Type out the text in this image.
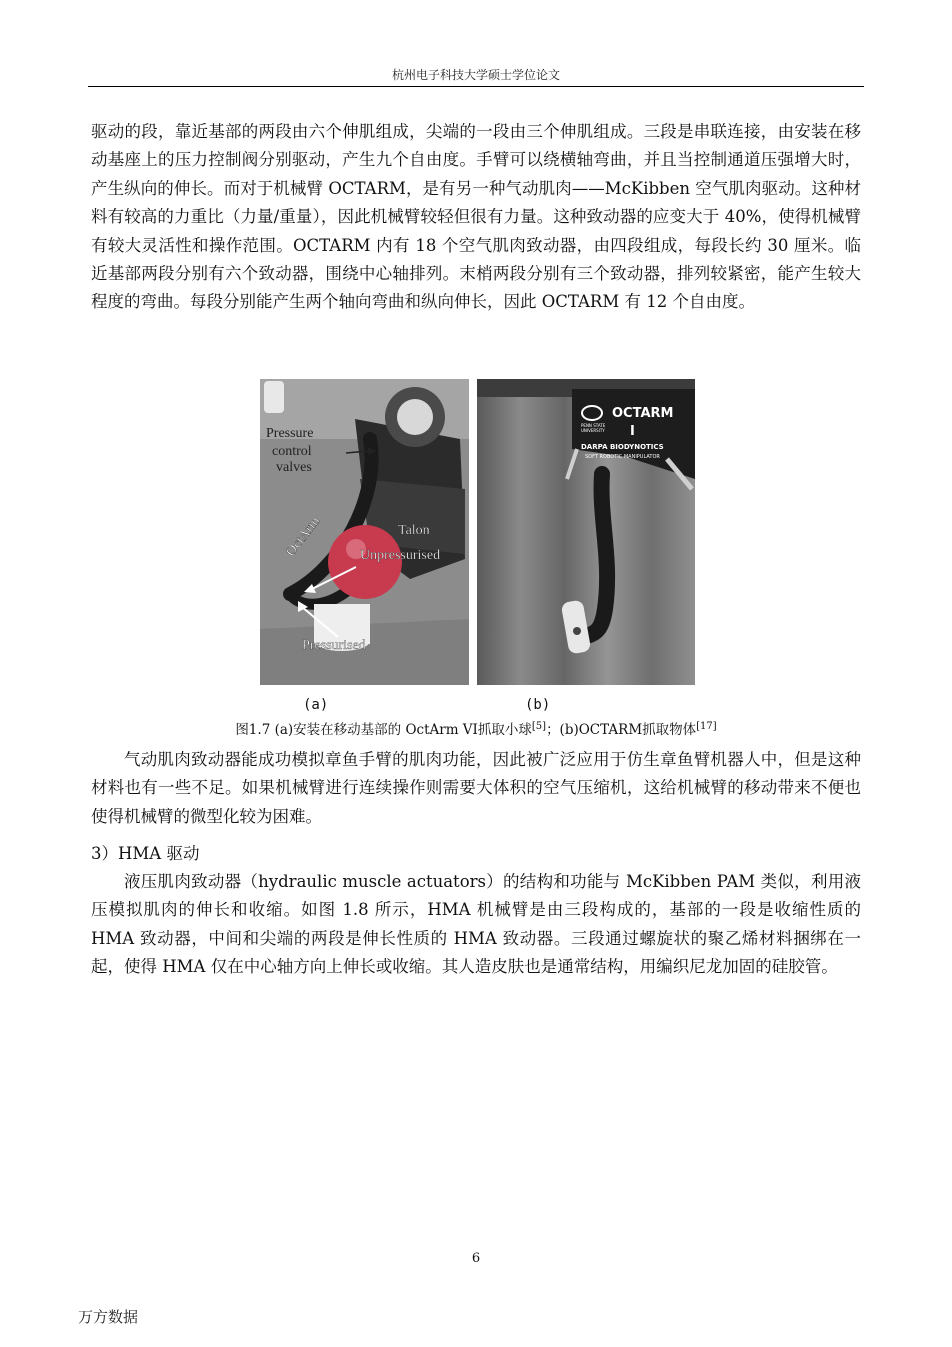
杭州电子科技大学硕士学位论文

驱动的段，靠近基部的两段由六个伸肌组成，尖端的一段由三个伸肌组成。三段是串联连接，由安装在移动基座上的压力控制阀分别驱动，产生九个自由度。手臂可以绕横轴弯曲，并且当控制通道压强增大时，产生纵向的伸长。而对于机械臂 OCTARM，是有另一种气动肌肉——McKibben 空气肌肉驱动。这种材料有较高的力重比（力量/重量），因此机械臂较轻但很有力量。这种致动器的应变大于 40%，使得机械臂有较大灵活性和操作范围。OCTARM 内有 18 个空气肌肉致动器，由四段组成，每段长约 30 厘米。临近基部两段分别有六个致动器，围绕中心轴排列。末梢两段分别有三个致动器，排列较紧密，能产生较大程度的弯曲。每段分别能产生两个轴向弯曲和纵向伸长，因此 OCTARM 有 12 个自由度。

Pressure
control
valves
Talon
OctArm	Unpressurised
Pressurised
OCTARM
I
PENN STATE
UNIVERSITY
DARPA BIODYNOTICS
SOFT ROBOTIC MANIPULATOR
(a)	(b)
图1.7 (a)安装在移动基部的 OctArm VI抓取小球[5]；(b)OCTARM抓取物体[17]

气动肌肉致动器能成功模拟章鱼手臂的肌肉功能，因此被广泛应用于仿生章鱼臂机器人中，但是这种材料也有一些不足。如果机械臂进行连续操作则需要大体积的空气压缩机，这给机械臂的移动带来不便也使得机械臂的微型化较为困难。

3）HMA 驱动

液压肌肉致动器（hydraulic muscle actuators）的结构和功能与 McKibben PAM 类似，利用液压模拟肌肉的伸长和收缩。如图 1.8 所示，HMA 机械臂是由三段构成的，基部的一段是收缩性质的 HMA 致动器，中间和尖端的两段是伸长性质的 HMA 致动器。三段通过螺旋状的聚乙烯材料捆绑在一起，使得 HMA 仅在中心轴方向上伸长或收缩。其人造皮肤也是通常结构，用编织尼龙加固的硅胶管。

6
万方数据
